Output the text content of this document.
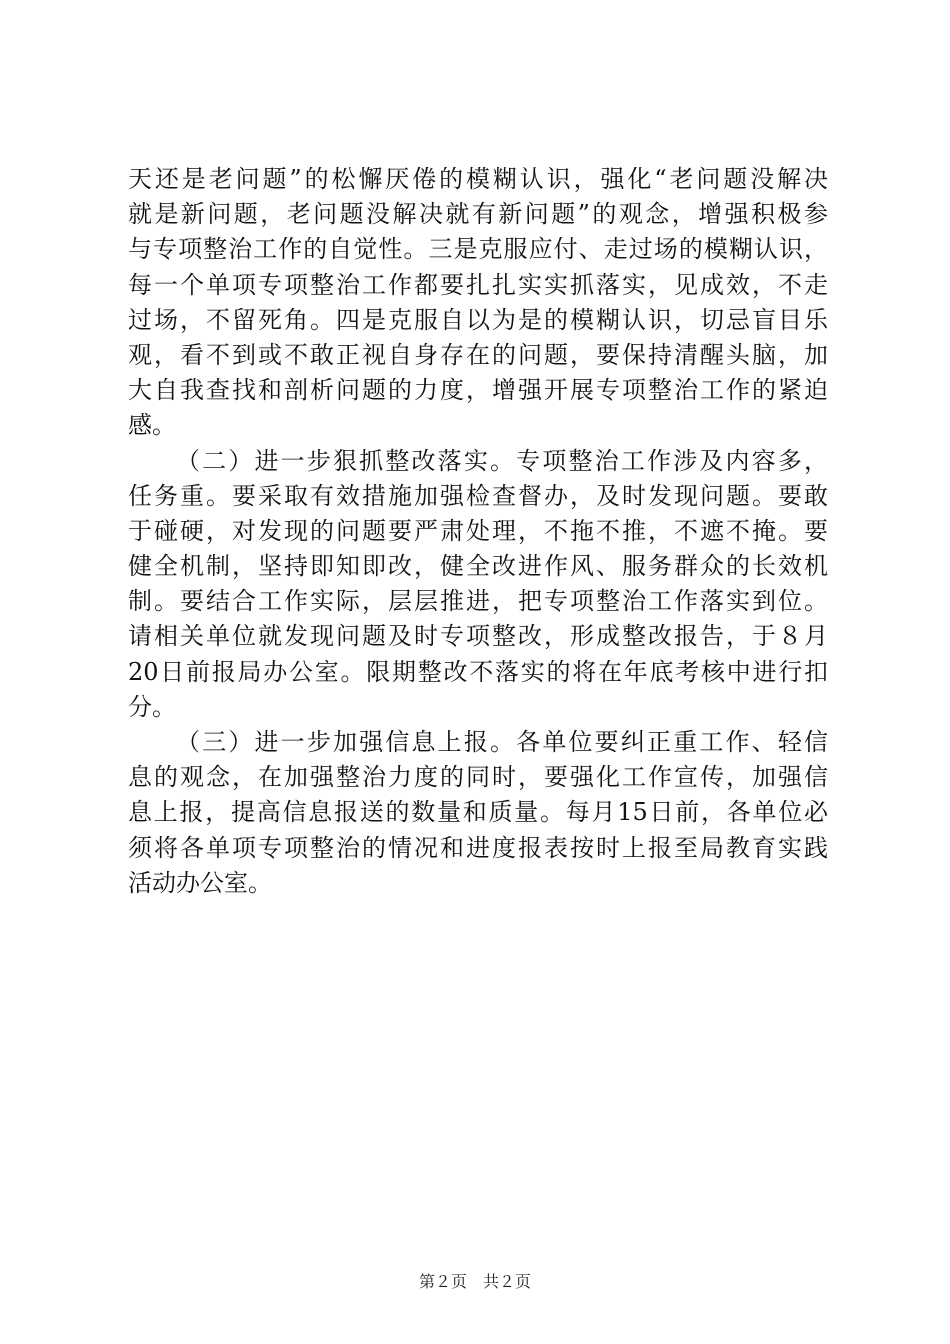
天还是老问题”的松懈厌倦的模糊认识，强化“老问题没解决
就是新问题，老问题没解决就有新问题”的观念，增强积极参
与专项整治工作的自觉性。三是克服应付、走过场的模糊认识，
每一个单项专项整治工作都要扎扎实实抓落实，见成效，不走
过场，不留死角。四是克服自以为是的模糊认识，切忌盲目乐
观，看不到或不敢正视自身存在的问题，要保持清醒头脑，加
大自我查找和剖析问题的力度，增强开展专项整治工作的紧迫
感。
（二）进一步狠抓整改落实。专项整治工作涉及内容多，
任务重。要采取有效措施加强检查督办，及时发现问题。要敢
于碰硬，对发现的问题要严肃处理，不拖不推，不遮不掩。要
健全机制，坚持即知即改，健全改进作风、服务群众的长效机
制。要结合工作实际，层层推进，把专项整治工作落实到位。
请相关单位就发现问题及时专项整改，形成整改报告，于８月
20日前报局办公室。限期整改不落实的将在年底考核中进行扣
分。
（三）进一步加强信息上报。各单位要纠正重工作、轻信
息的观念，在加强整治力度的同时，要强化工作宣传，加强信
息上报，提高信息报送的数量和质量。每月15日前，各单位必
须将各单项专项整治的情况和进度报表按时上报至局教育实践
活动办公室。
第２页　共２页
